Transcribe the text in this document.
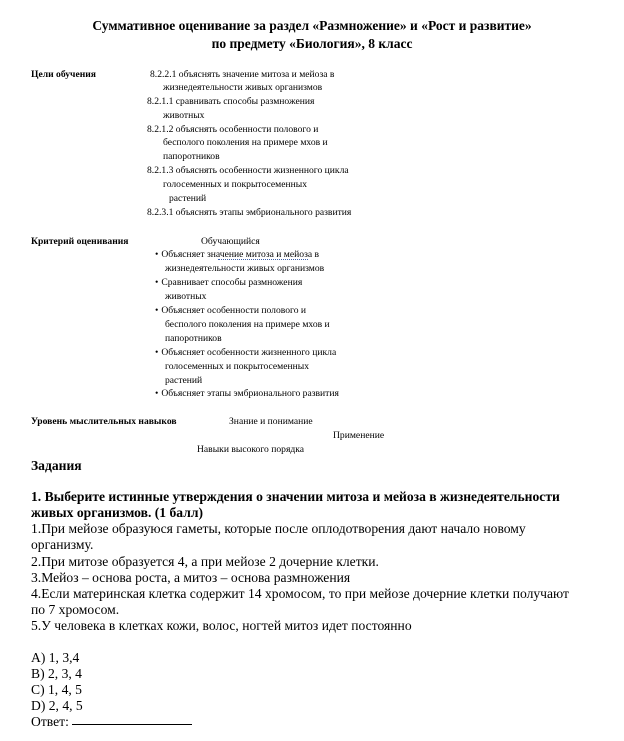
Суммативное оценивание за раздел «Размножение» и «Рост и развитие»
по предмету «Биология», 8 класс
Цели обучения	8.2.2.1 объяснять значение митоза и мейоза в
жизнедеятельности живых организмов
8.2.1.1 сравнивать способы размножения
животных
8.2.1.2 объяснять особенности полового и
бесполого поколения на примере мхов и
папоротников
8.2.1.3 объяснять особенности жизненного цикла
голосеменных и покрытосеменных
растений
8.2.3.1 объяснять этапы эмбрионального развития
Критерий оценивания	Обучающийся
• Объясняет значение митоза и мейоза в
жизнедеятельности живых организмов
• Сравнивает способы размножения
животных
• Объясняет особенности полового и
бесполого поколения на примере мхов и
папоротников
• Объясняет особенности жизненного цикла
голосеменных и покрытосеменных
растений
• Объясняет этапы эмбрионального развития
Уровень мыслительных навыков	Знание и понимание
Применение
Навыки высокого порядка
Задания
1. Выберите истинные утверждения о значении митоза и мейоза в жизнедеятельности
живых организмов. (1 балл)
1.При мейозе образуюся гаметы, которые после оплодотворения дают начало новому
организму.
2.При митозе образуется 4, а при мейозе 2 дочерние клетки.
3.Мейоз – основа роста, а митоз – основа размножения
4.Если материнская клетка содержит 14 хромосом, то при мейозе дочерние клетки получают
по 7 хромосом.
5.У человека в клетках кожи, волос, ногтей митоз идет постоянно
А) 1, 3,4
В) 2, 3, 4
С) 1, 4, 5
D) 2, 4, 5
Ответ:
